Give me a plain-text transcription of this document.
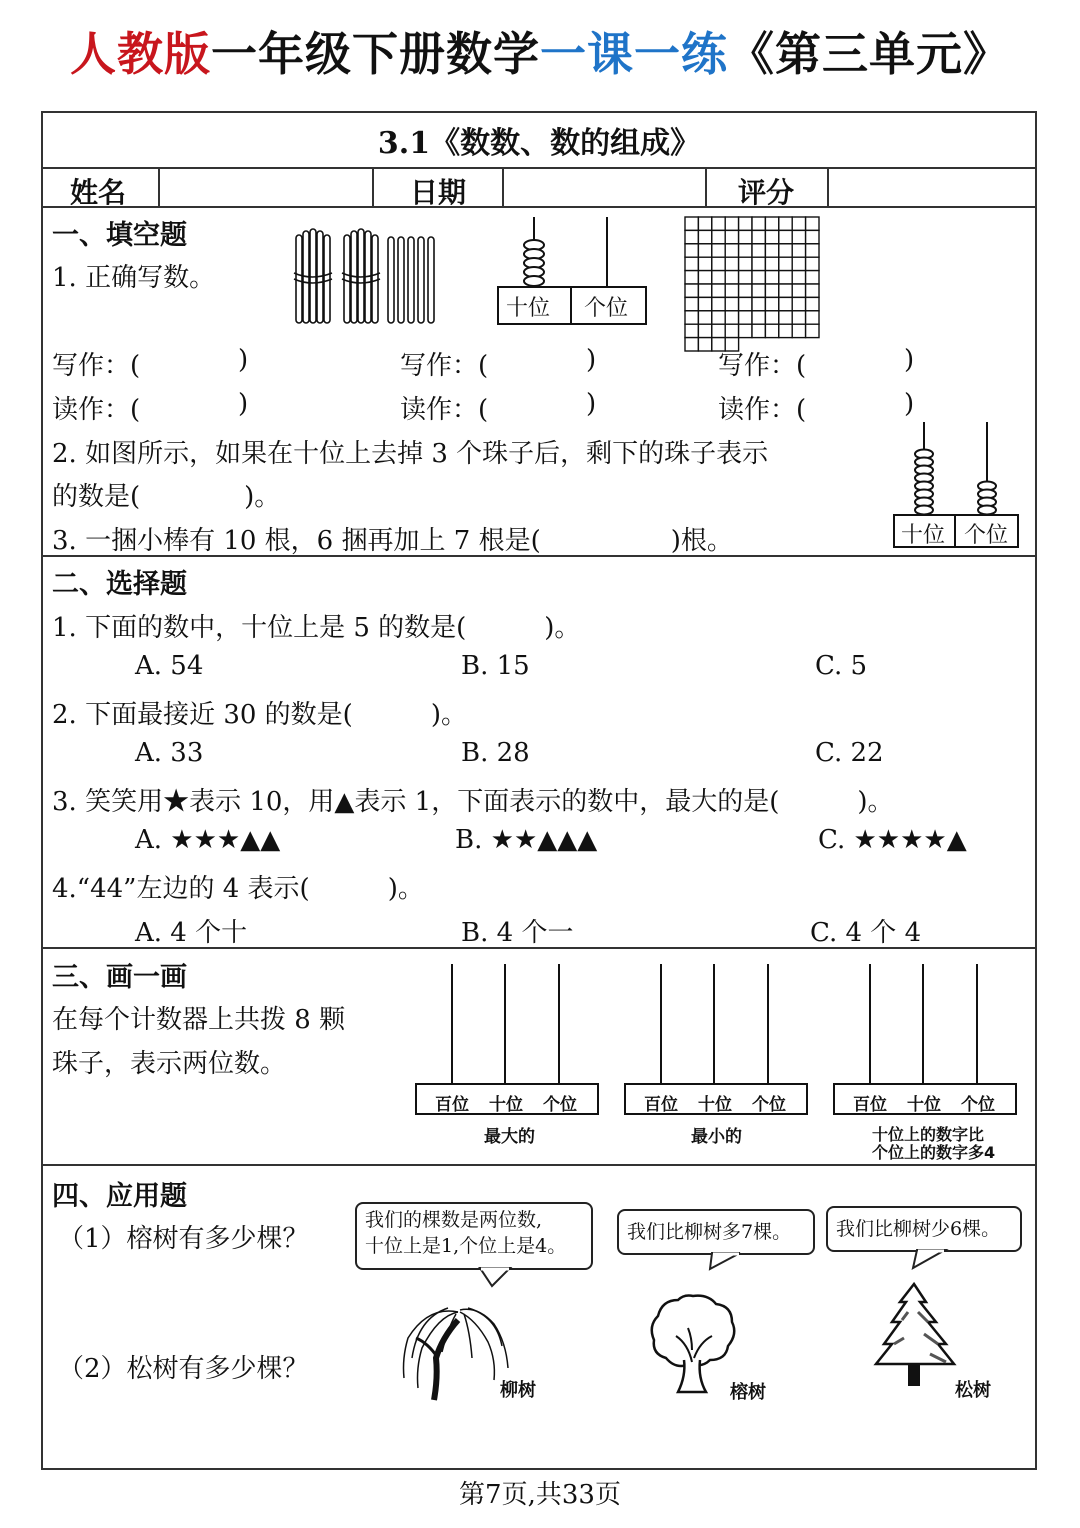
人教版一年级下册数学一课一练《第三单元》
3.1《数数、数的组成》
姓名	日期	评分
一、填空题
1. 正确写数。
十位 个位
写作：(	)	写作：(	)	写作：(	)
读作：(	)	读作：(	)	读作：(	)
2. 如图所示，如果在十位上去掉 3 个珠子后，剩下的珠子表示
的数是(　　　　)。
3. 一捆小棒有 10 根，6 捆再加上 7 根是(　　　　　)根。	十位 个位
二、选择题
1. 下面的数中，十位上是 5 的数是(　　　)。
A. 54	B. 15	C. 5
2. 下面最接近 30 的数是(　　　)。
A. 33	B. 28	C. 22
3. 笑笑用★表示 10，用▲表示 1，下面表示的数中，最大的是(　　　)。
A. ★★★▲▲	B. ★★▲▲▲	C. ★★★★▲
4.“44”左边的 4 表示(　　　)。
A. 4 个十	B. 4 个一	C. 4 个 4
三、画一画
在每个计数器上共拨 8 颗
珠子，表示两位数。
百位 十位 个位
最大的
百位 十位 个位
最小的
百位 十位 个位
十位上的数字比
个位上的数字多4
四、应用题
（1）榕树有多少棵？
（2）松树有多少棵？
我们的棵数是两位数,
十位上是1,个位上是4。
我们比柳树多7棵。	我们比柳树少6棵。
柳树	榕树	松树
第7页,共33页
